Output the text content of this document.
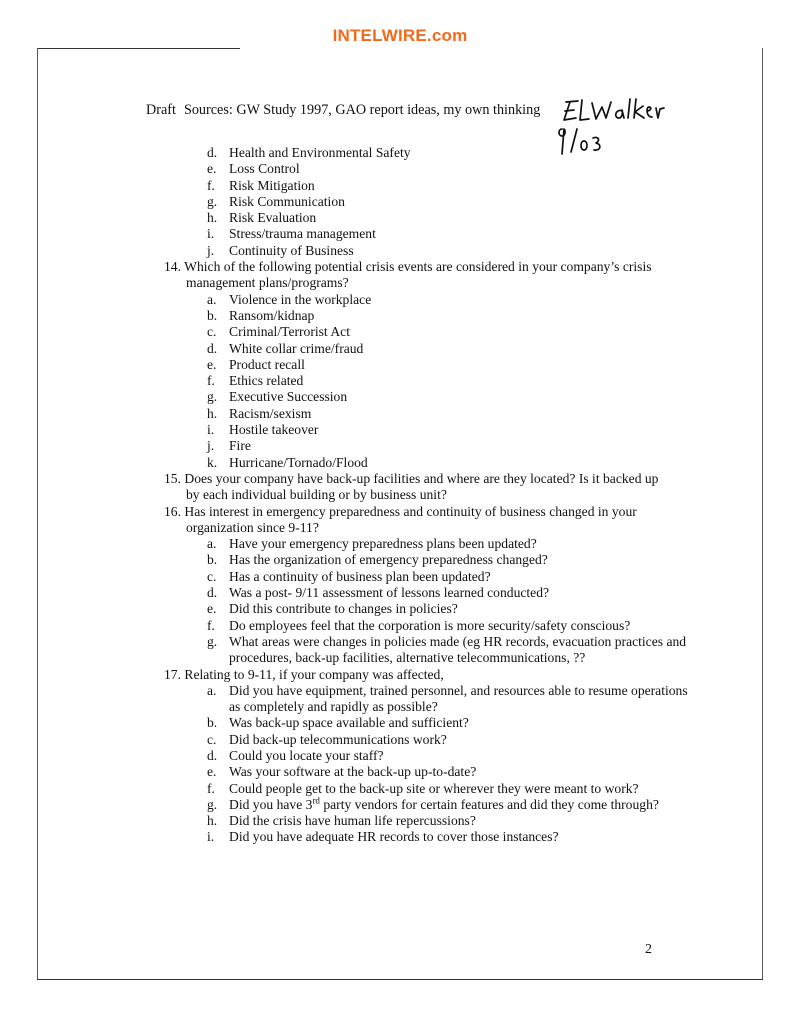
INTELWIRE.com
Draft Sources: GW Study 1997, GAO report ideas, my own thinking
d. Health and Environmental Safety
e. Loss Control
f. Risk Mitigation
g. Risk Communication
h. Risk Evaluation
i. Stress/trauma management
j. Continuity of Business
14. Which of the following potential crisis events are considered in your company’s crisis management plans/programs?
a. Violence in the workplace
b. Ransom/kidnap
c. Criminal/Terrorist Act
d. White collar crime/fraud
e. Product recall
f. Ethics related
g. Executive Succession
h. Racism/sexism
i. Hostile takeover
j. Fire
k. Hurricane/Tornado/Flood
15. Does your company have back-up facilities and where are they located? Is it backed up by each individual building or by business unit?
16. Has interest in emergency preparedness and continuity of business changed in your organization since 9-11?
a. Have your emergency preparedness plans been updated?
b. Has the organization of emergency preparedness changed?
c. Has a continuity of business plan been updated?
d. Was a post- 9/11 assessment of lessons learned conducted?
e. Did this contribute to changes in policies?
f. Do employees feel that the corporation is more security/safety conscious?
g. What areas were changes in policies made (eg HR records, evacuation practices and procedures, back-up facilities, alternative telecommunications, ??
17. Relating to 9-11, if your company was affected,
a. Did you have equipment, trained personnel, and resources able to resume operations as completely and rapidly as possible?
b. Was back-up space available and sufficient?
c. Did back-up telecommunications work?
d. Could you locate your staff?
e. Was your software at the back-up up-to-date?
f. Could people get to the back-up site or wherever they were meant to work?
g. Did you have 3rd party vendors for certain features and did they come through?
h. Did the crisis have human life repercussions?
i. Did you have adequate HR records to cover those instances?
2
